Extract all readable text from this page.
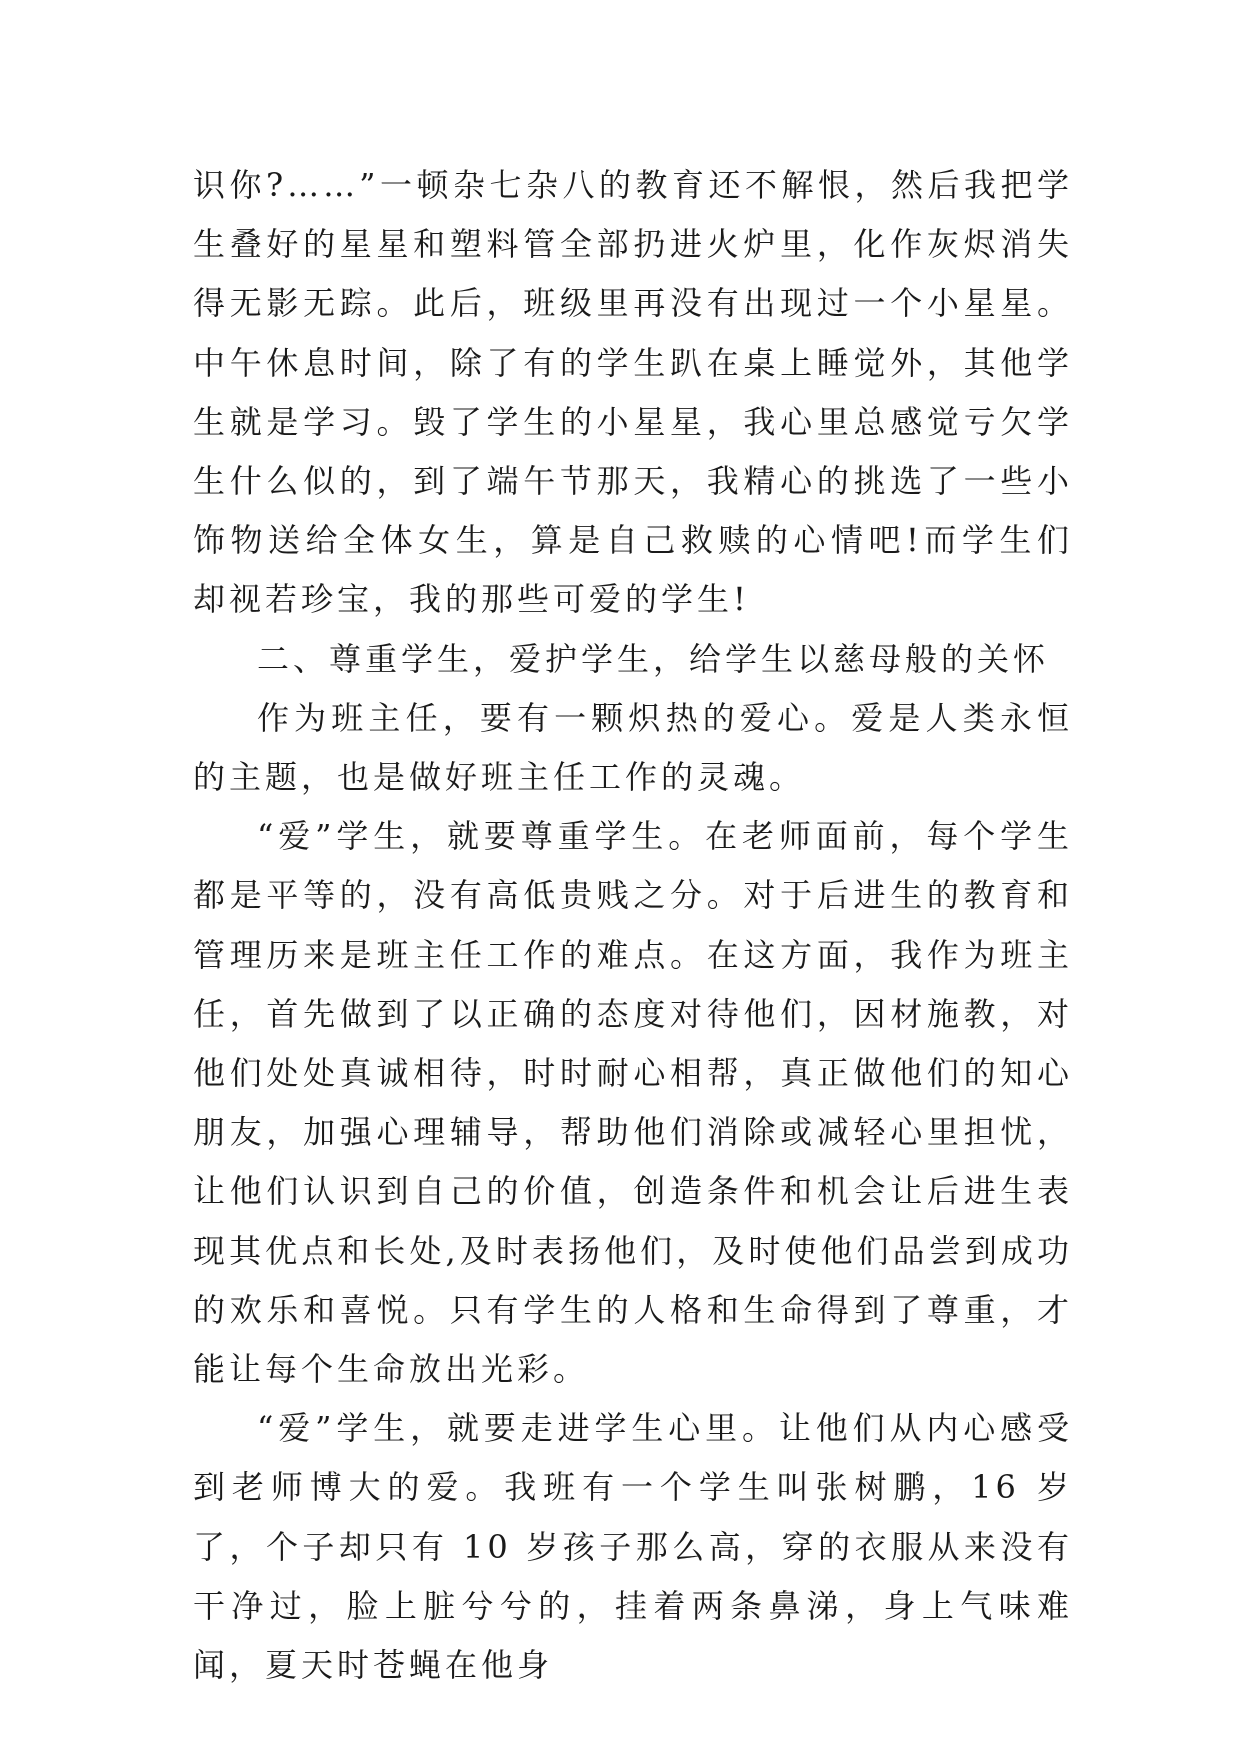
识你?……”一顿杂七杂八的教育还不解恨，然后我把学生叠好的星星和塑料管全部扔进火炉里，化作灰烬消失得无影无踪。此后，班级里再没有出现过一个小星星。中午休息时间，除了有的学生趴在桌上睡觉外，其他学生就是学习。毁了学生的小星星，我心里总感觉亏欠学生什么似的，到了端午节那天，我精心的挑选了一些小饰物送给全体女生，算是自己救赎的心情吧!而学生们却视若珍宝，我的那些可爱的学生!

二、尊重学生，爱护学生，给学生以慈母般的关怀

作为班主任，要有一颗炽热的爱心。爱是人类永恒的主题，也是做好班主任工作的灵魂。

“爱”学生，就要尊重学生。在老师面前，每个学生都是平等的，没有高低贵贱之分。对于后进生的教育和管理历来是班主任工作的难点。在这方面，我作为班主任，首先做到了以正确的态度对待他们，因材施教，对他们处处真诚相待，时时耐心相帮，真正做他们的知心朋友，加强心理辅导，帮助他们消除或减轻心里担忧，让他们认识到自己的价值，创造条件和机会让后进生表现其优点和长处,及时表扬他们，及时使他们品尝到成功的欢乐和喜悦。只有学生的人格和生命得到了尊重，才能让每个生命放出光彩。

“爱”学生，就要走进学生心里。让他们从内心感受到老师博大的爱。我班有一个学生叫张树鹏，16 岁了，个子却只有 10 岁孩子那么高，穿的衣服从来没有干净过，脸上脏兮兮的，挂着两条鼻涕，身上气味难闻，夏天时苍蝇在他身
